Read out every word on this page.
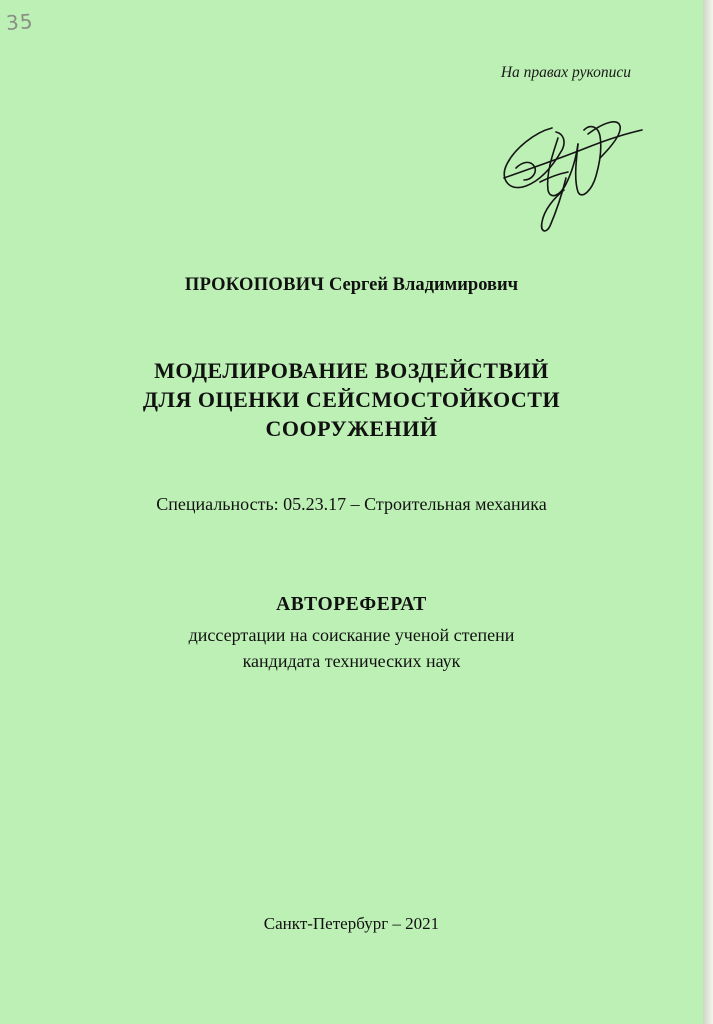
35
На правах рукописи
ПРОКОПОВИЧ Сергей Владимирович
МОДЕЛИРОВАНИЕ ВОЗДЕЙСТВИЙ
ДЛЯ ОЦЕНКИ СЕЙСМОСТОЙКОСТИ
СООРУЖЕНИЙ
Специальность: 05.23.17 – Строительная механика
АВТОРЕФЕРАТ
диссертации на соискание ученой степени
кандидата технических наук
Санкт-Петербург – 2021
